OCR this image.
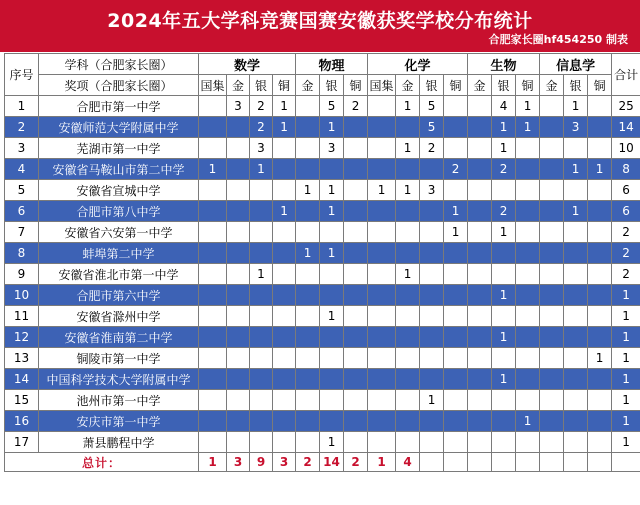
2024年五大学科竞赛国赛安徽获奖学校分布统计
合肥家长圈hf454250 制表
序号	学科（合肥家长圈）	数学				物理			化学				生物			信息学			合计
	奖项（合肥家长圈）	国集	金	银	铜	金	银	铜	国集	金	银	铜	金	银	铜	金	银	铜	
1	合肥市第一中学		3	2	1		5	2		1	5			4	1		1		25
2	安徽师范大学附属中学			2	1		1				5			1	1		3		14
3	芜湖市第一中学			3			3			1	2			1					10
4	安徽省马鞍山市第二中学	1		1								2		2			1	1	8
5	安徽省宣城中学					1	1		1	1	3								6
6	合肥市第八中学				1		1					1		2			1		6
7	安徽省六安第一中学											1		1					2
8	蚌埠第二中学					1	1												2
9	安徽省淮北市第一中学			1						1									2
10	合肥市第六中学													1					1
11	安徽省滁州中学						1												1
12	安徽省淮南第二中学													1					1
13	铜陵市第一中学																	1	1
14	中国科学技术大学附属中学													1					1
15	池州市第一中学										1								1
16	安庆市第一中学														1				1
17	萧县鹏程中学						1												1
总计：		1	3	9	3	2	14	2	1	4									
